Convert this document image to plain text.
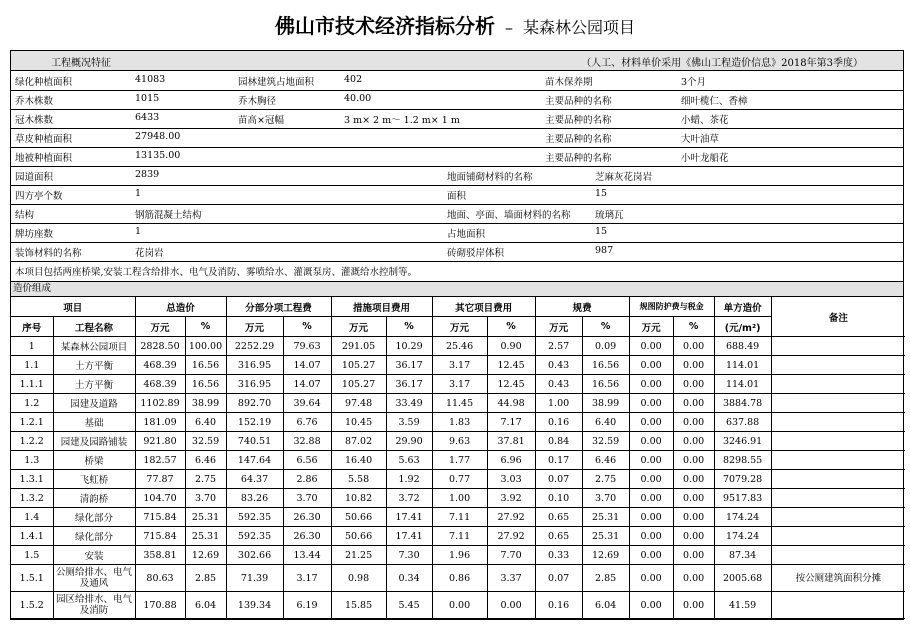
佛山市技术经济指标分析 – 某森林公园项目
工程概况特征	（人工、材料单价采用《佛山工程造价信息》2018年第3季度）
绿化种植面积	41083	园林建筑占地面积	402	苗木保养期	3个月
乔木株数	1015	乔木胸径	40.00	主要品种的名称	细叶榄仁、香樟
冠木株数	6433	苗高×冠幅	3 m× 2 m～ 1.2 m× 1 m	主要品种的名称	小蜡、茶花
草皮种植面积	27948.00	主要品种的名称	大叶油草
地被种植面积	13135.00	主要品种的名称	小叶龙船花
园道面积	2839	地面铺砌材料的名称	芝麻灰花岗岩
四方亭个数	1	面积	15
结构	钢筋混凝土结构	地面、亭面、墙面材料的名称	琉璃瓦
牌坊座数	1	占地面积	15
装饰材料的名称	花岗岩	砖砌驳岸体积	987
本项目包括两座桥梁,安装工程含给排水、电气及消防、雾喷给水、灌溉泵房、灌溉给水控制等。
造价组成
项目		总造价		分部分项工程费		措施项目费用		其它项目费用		规费		规图防护费与税金		单方造价	备注
序号	工程名称	万元	%	万元	%	万元	%	万元	%	万元	%	万元	%	(元/m²)	
1	某森林公园项目	2828.50	100.00	2252.29	79.63	291.05	10.29	25.46	0.90	2.57	0.09	0.00	0.00	688.49	
1.1	土方平衡	468.39	16.56	316.95	14.07	105.27	36.17	3.17	12.45	0.43	16.56	0.00	0.00	114.01	
1.1.1	土方平衡	468.39	16.56	316.95	14.07	105.27	36.17	3.17	12.45	0.43	16.56	0.00	0.00	114.01	
1.2	园建及道路	1102.89	38.99	892.70	39.64	97.48	33.49	11.45	44.98	1.00	38.99	0.00	0.00	3884.78	
1.2.1	基础	181.09	6.40	152.19	6.76	10.45	3.59	1.83	7.17	0.16	6.40	0.00	0.00	637.88	
1.2.2	园建及园路铺装	921.80	32.59	740.51	32.88	87.02	29.90	9.63	37.81	0.84	32.59	0.00	0.00	3246.91	
1.3	桥梁	182.57	6.46	147.64	6.56	16.40	5.63	1.77	6.96	0.17	6.46	0.00	0.00	8298.55	
1.3.1	飞虹桥	77.87	2.75	64.37	2.86	5.58	1.92	0.77	3.03	0.07	2.75	0.00	0.00	7079.28	
1.3.2	清韵桥	104.70	3.70	83.26	3.70	10.82	3.72	1.00	3.92	0.10	3.70	0.00	0.00	9517.83	
1.4	绿化部分	715.84	25.31	592.35	26.30	50.66	17.41	7.11	27.92	0.65	25.31	0.00	0.00	174.24	
1.4.1	绿化部分	715.84	25.31	592.35	26.30	50.66	17.41	7.11	27.92	0.65	25.31	0.00	0.00	174.24	
1.5	安装	358.81	12.69	302.66	13.44	21.25	7.30	1.96	7.70	0.33	12.69	0.00	0.00	87.34	
1.5.1	公厕给排水、电气及通风	80.63	2.85	71.39	3.17	0.98	0.34	0.86	3.37	0.07	2.85	0.00	0.00	2005.68	按公厕建筑面积分摊
1.5.2	园区给排水、电气及消防	170.88	6.04	139.34	6.19	15.85	5.45	0.00	0.00	0.16	6.04	0.00	0.00	41.59	
